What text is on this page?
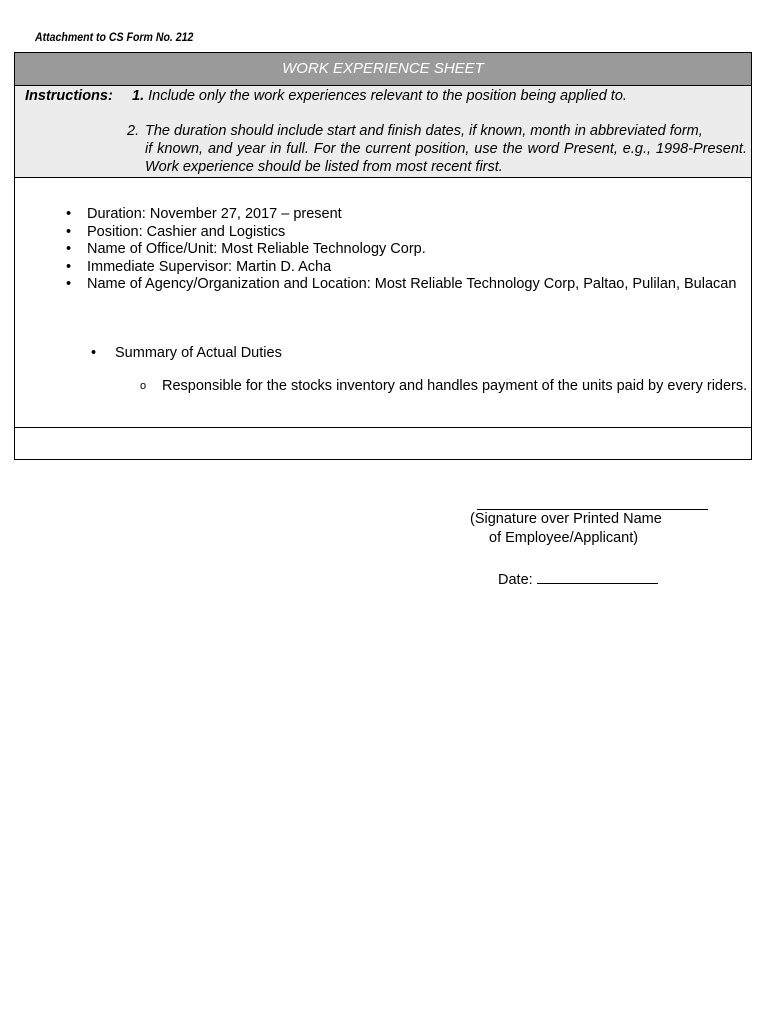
Attachment to CS Form No. 212
WORK EXPERIENCE SHEET
Instructions: 1. Include only the work experiences relevant to the position being applied to.
2. The duration should include start and finish dates, if known, month in abbreviated form,
if known, and year in full. For the current position, use the word Present, e.g., 1998-Present. Work experience should be listed from most recent first.
• Duration: November 27, 2017 – present
• Position: Cashier and Logistics
• Name of Office/Unit: Most Reliable Technology Corp.
• Immediate Supervisor: Martin D. Acha
• Name of Agency/Organization and Location: Most Reliable Technology Corp, Paltao, Pulilan, Bulacan
• Summary of Actual Duties
o Responsible for the stocks inventory and handles payment of the units paid by every riders.
(Signature over Printed Name
of Employee/Applicant)
Date:
